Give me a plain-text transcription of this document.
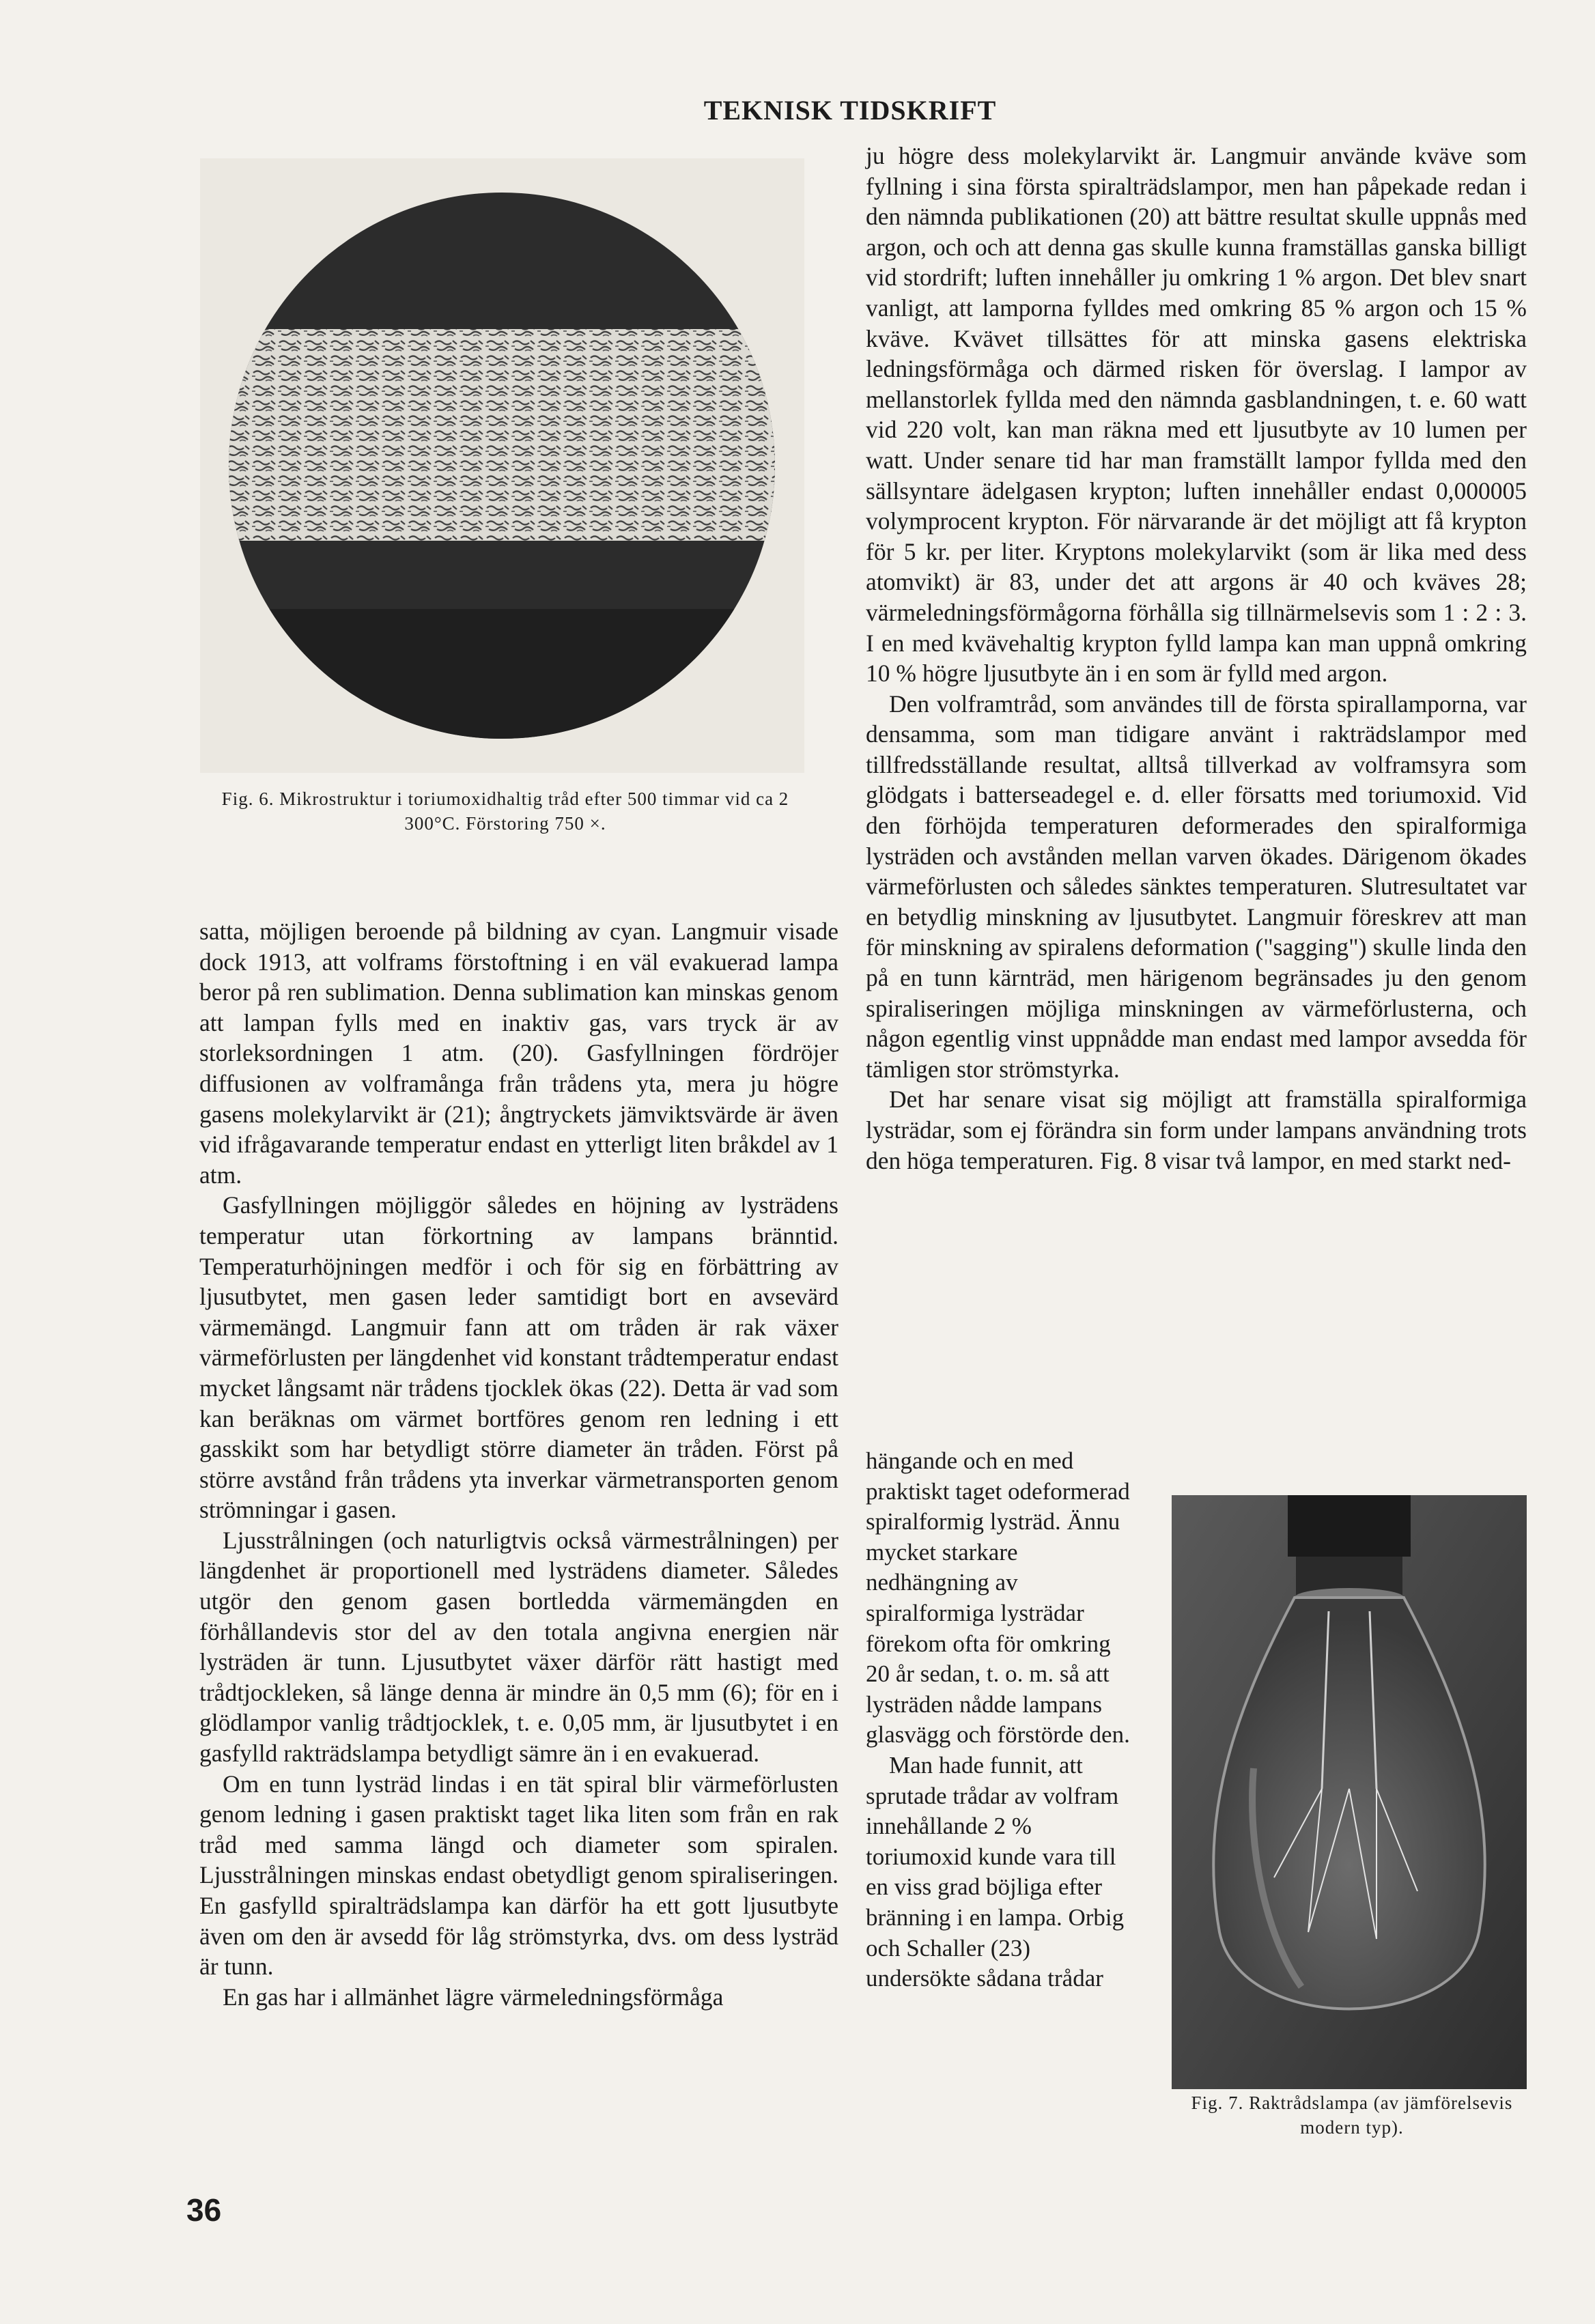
TEKNISK TIDSKRIFT
Fig. 6. Mikrostruktur i toriumoxidhaltig tråd efter 500 timmar vid ca 2 300°C. Förstoring 750 ×.

satta, möjligen beroende på bildning av cyan. Langmuir visade dock 1913, att volframs förstoftning i en väl evakuerad lampa beror på ren sublimation. Denna sublimation kan minskas genom att lampan fylls med en inaktiv gas, vars tryck är av storleksordningen 1 atm. (20). Gasfyllningen fördröjer diffusionen av volframånga från trådens yta, mera ju högre gasens molekylarvikt är (21); ångtryckets jämviktsvärde är även vid ifrågavarande temperatur endast en ytterligt liten bråkdel av 1 atm.

Gasfyllningen möjliggör således en höjning av lysträdens temperatur utan förkortning av lampans bränntid. Temperaturhöjningen medför i och för sig en förbättring av ljusutbytet, men gasen leder samtidigt bort en avsevärd värmemängd. Langmuir fann att om tråden är rak växer värmeförlusten per längdenhet vid konstant trådtemperatur endast mycket långsamt när trådens tjocklek ökas (22). Detta är vad som kan beräknas om värmet bortföres genom ren ledning i ett gasskikt som har betydligt större diameter än tråden. Först på större avstånd från trådens yta inverkar värmetransporten genom strömningar i gasen.

Ljusstrålningen (och naturligtvis också värmestrålningen) per längdenhet är proportionell med lysträdens diameter. Således utgör den genom gasen bortledda värmemängden en förhållandevis stor del av den totala angivna energien när lysträden är tunn. Ljusutbytet växer därför rätt hastigt med trådtjockleken, så länge denna är mindre än 0,5 mm (6); för en i glödlampor vanlig trådtjocklek, t. e. 0,05 mm, är ljusutbytet i en gasfylld rakträdslampa betydligt sämre än i en evakuerad.

Om en tunn lysträd lindas i en tät spiral blir värmeförlusten genom ledning i gasen praktiskt taget lika liten som från en rak tråd med samma längd och diameter som spiralen. Ljusstrålningen minskas endast obetydligt genom spiraliseringen. En gasfylld spiralträdslampa kan därför ha ett gott ljusutbyte även om den är avsedd för låg strömstyrka, dvs. om dess lysträd är tunn.

En gas har i allmänhet lägre värmeledningsförmåga

ju högre dess molekylarvikt är. Langmuir använde kväve som fyllning i sina första spiralträdslampor, men han påpekade redan i den nämnda publikationen (20) att bättre resultat skulle uppnås med argon, och och att denna gas skulle kunna framställas ganska billigt vid stordrift; luften innehåller ju omkring 1 % argon. Det blev snart vanligt, att lamporna fylldes med omkring 85 % argon och 15 % kväve. Kvävet tillsättes för att minska gasens elektriska ledningsförmåga och därmed risken för överslag. I lampor av mellanstorlek fyllda med den nämnda gasblandningen, t. e. 60 watt vid 220 volt, kan man räkna med ett ljusutbyte av 10 lumen per watt. Under senare tid har man framställt lampor fyllda med den sällsyntare ädelgasen krypton; luften innehåller endast 0,000005 volymprocent krypton. För närvarande är det möjligt att få krypton för 5 kr. per liter. Kryptons molekylarvikt (som är lika med dess atomvikt) är 83, under det att argons är 40 och kväves 28; värmeledningsförmågorna förhålla sig tillnärmelsevis som 1 : 2 : 3. I en med kvävehaltig krypton fylld lampa kan man uppnå omkring 10 % högre ljusutbyte än i en som är fylld med argon.

Den volframtråd, som användes till de första spirallamporna, var densamma, som man tidigare använt i rakträdslampor med tillfredsställande resultat, alltså tillverkad av volframsyra som glödgats i batterseadegel e. d. eller försatts med toriumoxid. Vid den förhöjda temperaturen deformerades den spiralformiga lysträden och avstånden mellan varven ökades. Därigenom ökades värmeförlusten och således sänktes temperaturen. Slutresultatet var en betydlig minskning av ljusutbytet. Langmuir föreskrev att man för minskning av spiralens deformation ("sagging") skulle linda den på en tunn kärnträd, men härigenom begränsades ju den genom spiraliseringen möjliga minskningen av värmeförlusterna, och någon egentlig vinst uppnådde man endast med lampor avsedda för tämligen stor strömstyrka.

Det har senare visat sig möjligt att framställa spiralformiga lysträdar, som ej förändra sin form under lampans användning trots den höga temperaturen. Fig. 8 visar två lampor, en med starkt ned-

hängande och en med praktiskt taget odeformerad spiralformig lysträd. Ännu mycket starkare nedhängning av spiralformiga lysträdar förekom ofta för omkring 20 år sedan, t. o. m. så att lysträden nådde lampans glasvägg och förstörde den.

Man hade funnit, att sprutade trådar av volfram innehållande 2 % toriumoxid kunde vara till en viss grad böjliga efter bränning i en lampa. Orbig och Schaller (23) undersökte sådana trådar

Fig. 7. Raktrådslampa (av jämförelsevis modern typ).
36
